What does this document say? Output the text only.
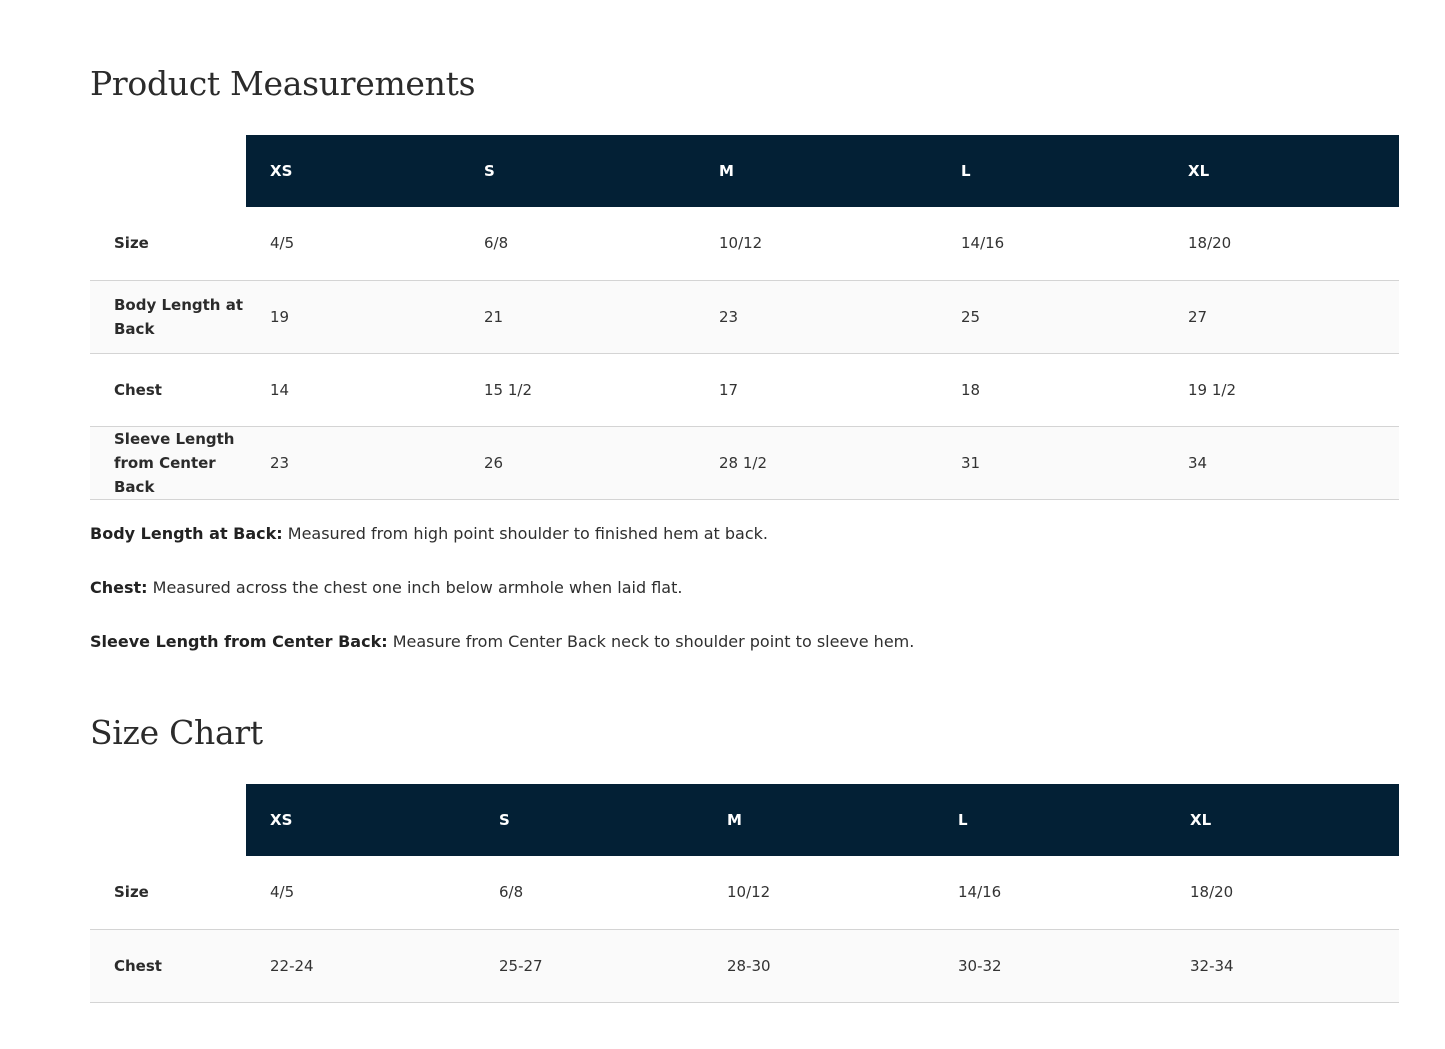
Product Measurements
	XS	S	M	L	XL
Size	4/5	6/8	10/12	14/16	18/20
Body Length at Back	19	21	23	25	27
Chest	14	15 1/2	17	18	19 1/2
Sleeve Length from Center Back	23	26	28 1/2	31	34

Body Length at Back: Measured from high point shoulder to finished hem at back.

Chest: Measured across the chest one inch below armhole when laid flat.

Sleeve Length from Center Back: Measure from Center Back neck to shoulder point to sleeve hem.

Size Chart
	XS	S	M	L	XL
Size	4/5	6/8	10/12	14/16	18/20
Chest	22-24	25-27	28-30	30-32	32-34
